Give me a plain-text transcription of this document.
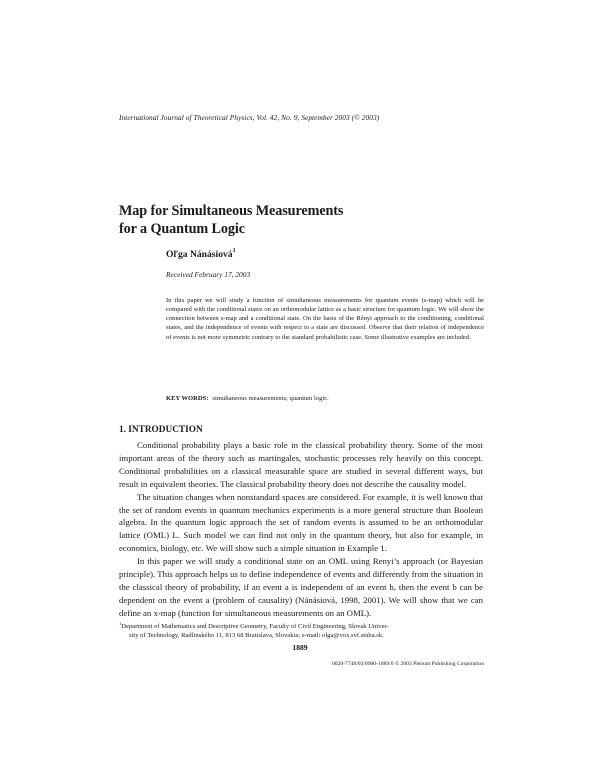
International Journal of Theoretical Physics, Vol. 42, No. 9, September 2003 (© 2003)
Map for Simultaneous Measurements
for a Quantum Logic
Oľga Nánásiová$^1$
Received February 17, 2003

In this paper we will study a function of simultaneous measurements for quantum events (s-map) which will be compared with the conditional states on an orthomodular lattice as a basic structure for quantum logic. We will show the connection between s-map and a conditional state. On the basis of the Rényi approach to the conditioning, conditional states, and the independence of events with respect to a state are discussed. Observe that their relation of independence of events is not more symmetric contrary to the standard probabilistic case. Some illustrative examples are included.

KEY WORDS: simultaneous measurements; quantum logic.
1. INTRODUCTION

Conditional probability plays a basic role in the classical probability theory. Some of the most important areas of the theory such as martingales, stochastic processes rely heavily on this concept. Conditional probabilities on a classical measurable space are studied in several different ways, but result in equivalent theories. The classical probability theory does not describe the causality model.

The situation changes when nonstandard spaces are considered. For example, it is well known that the set of random events in quantum mechanics experiments is a more general structure than Boolean algebra. In the quantum logic approach the set of random events is assumed to be an orthomodular lattice (OML) L. Such model we can find not only in the quantum theory, but also for example, in economics, biology, etc. We will show such a simple situation in Example 1.

In this paper we will study a conditional state on an OML using Renyi’s approach (or Bayesian principle). This approach helps us to define independence of events and differently from the situation in the classical theory of probability, if an event a is independent of an event b, then the event b can be dependent on the event a (problem of causality) (Nánásiová, 1998, 2001). We will show that we can define an x-map (function for simultaneous measurements on an OML).

$^1$Department of Mathematics and Descriptive Geometry, Faculty of Civil Engineering, Slovak Univer-
sity of Technology, Radlinského 11, 813 68 Bratislava, Slovakia; e-mail: olga@vox.svf.stuba.sk.
1889
0020-7748/03/0900-1889/0 © 2003 Plenum Publishing Corporation
